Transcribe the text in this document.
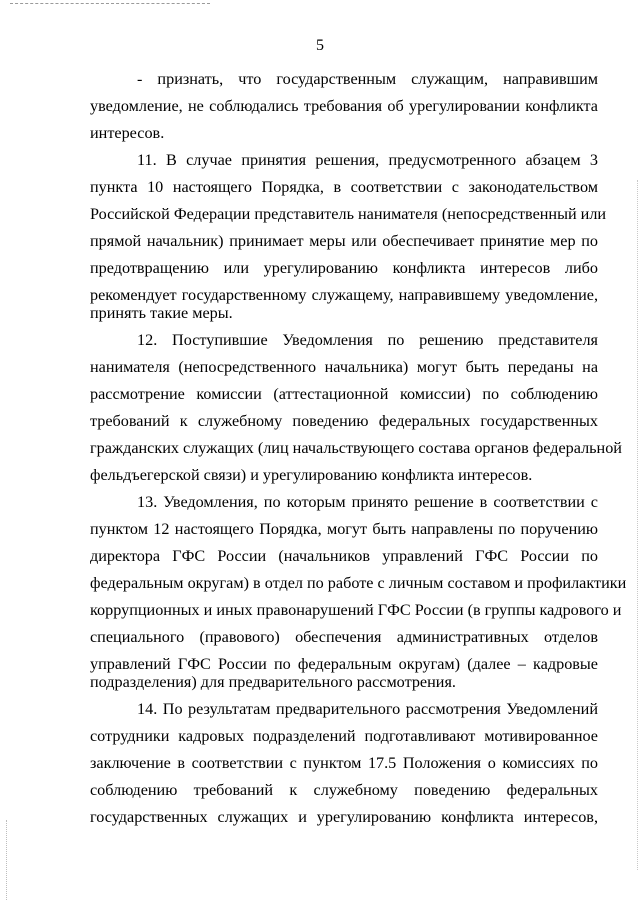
5
- признать, что государственным служащим, направившим
уведомление, не соблюдались требования об урегулировании конфликта
интересов.
11. В случае принятия решения, предусмотренного абзацем 3
пункта 10 настоящего Порядка, в соответствии с законодательством
Российской Федерации представитель нанимателя (непосредственный или
прямой начальник) принимает меры или обеспечивает принятие мер по
предотвращению или урегулированию конфликта интересов либо
рекомендует государственному служащему, направившему уведомление,
принять такие меры.
12. Поступившие Уведомления по решению представителя
нанимателя (непосредственного начальника) могут быть переданы на
рассмотрение комиссии (аттестационной комиссии) по соблюдению
требований к служебному поведению федеральных государственных
гражданских служащих (лиц начальствующего состава органов федеральной
фельдъегерской связи) и урегулированию конфликта интересов.
13. Уведомления, по которым принято решение в соответствии с
пунктом 12 настоящего Порядка, могут быть направлены по поручению
директора ГФС России (начальников управлений ГФС России по
федеральным округам) в отдел по работе с личным составом и профилактики
коррупционных и иных правонарушений ГФС России (в группы кадрового и
специального (правового) обеспечения административных отделов
управлений ГФС России по федеральным округам) (далее – кадровые
подразделения) для предварительного рассмотрения.
14. По результатам предварительного рассмотрения Уведомлений
сотрудники кадровых подразделений подготавливают мотивированное
заключение в соответствии с пунктом 17.5 Положения о комиссиях по
соблюдению требований к служебному поведению федеральных
государственных служащих и урегулированию конфликта интересов,
